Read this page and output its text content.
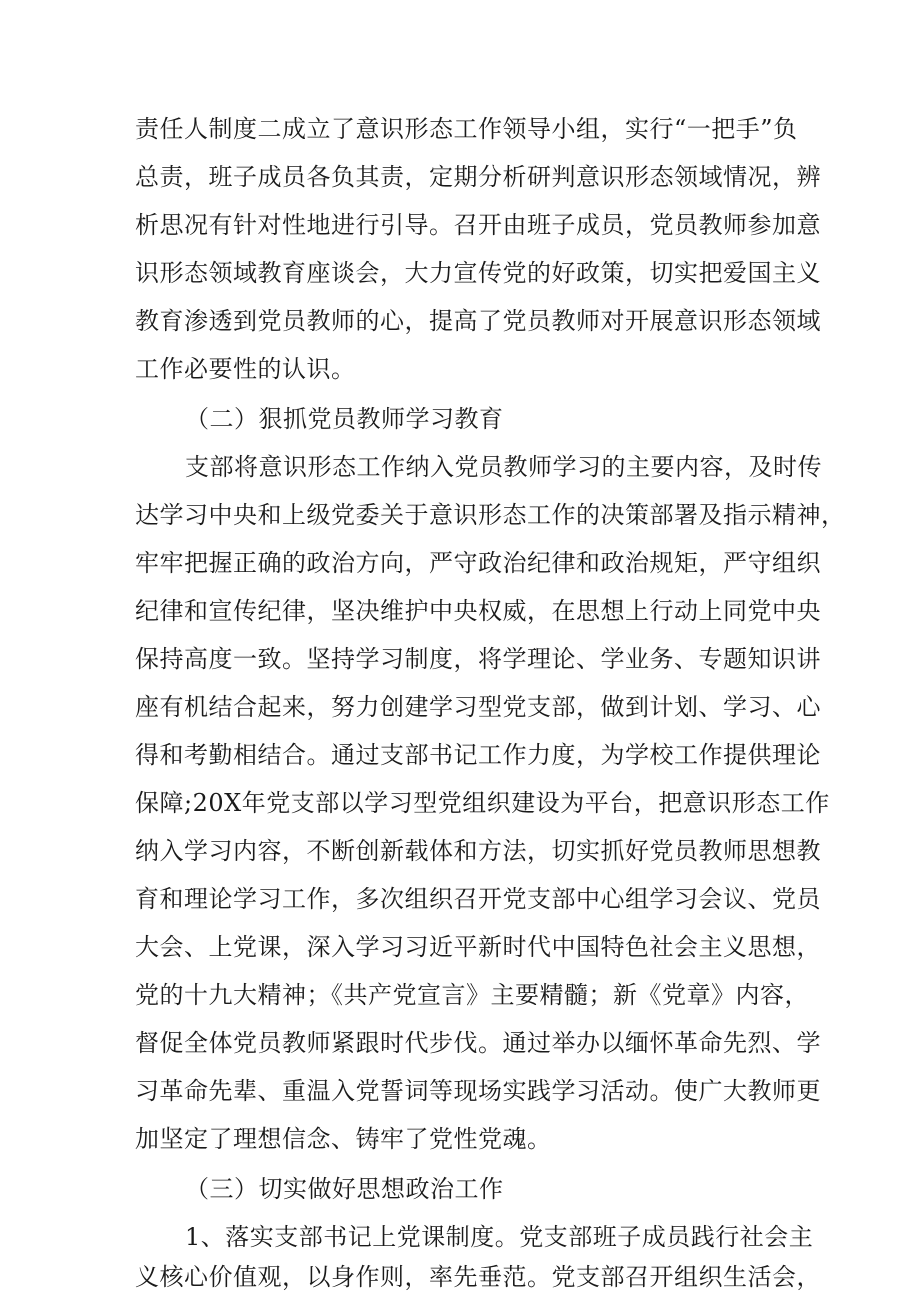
责任人制度二成立了意识形态工作领导小组，实行“一把手”负
总责，班子成员各负其责，定期分析研判意识形态领域情况，辨
析思况有针对性地进行引导。召开由班子成员，党员教师参加意
识形态领域教育座谈会，大力宣传党的好政策，切实把爱国主义
教育渗透到党员教师的心，提高了党员教师对开展意识形态领域
工作必要性的认识。
（二）狠抓党员教师学习教育
支部将意识形态工作纳入党员教师学习的主要内容，及时传
达学习中央和上级党委关于意识形态工作的决策部署及指示精神，
牢牢把握正确的政治方向，严守政治纪律和政治规矩，严守组织
纪律和宣传纪律，坚决维护中央权威，在思想上行动上同党中央
保持高度一致。坚持学习制度，将学理论、学业务、专题知识讲
座有机结合起来，努力创建学习型党支部，做到计划、学习、心
得和考勤相结合。通过支部书记工作力度，为学校工作提供理论
保障;20X年党支部以学习型党组织建设为平台，把意识形态工作
纳入学习内容，不断创新载体和方法，切实抓好党员教师思想教
育和理论学习工作，多次组织召开党支部中心组学习会议、党员
大会、上党课，深入学习习近平新时代中国特色社会主义思想，
党的十九大精神；《共产党宣言》主要精髓；新《党章》内容，
督促全体党员教师紧跟时代步伐。通过举办以缅怀革命先烈、学
习革命先辈、重温入党誓词等现场实践学习活动。使广大教师更
加坚定了理想信念、铸牢了党性党魂。
（三）切实做好思想政治工作
1、落实支部书记上党课制度。党支部班子成员践行社会主
义核心价值观，以身作则，率先垂范。党支部召开组织生活会，
